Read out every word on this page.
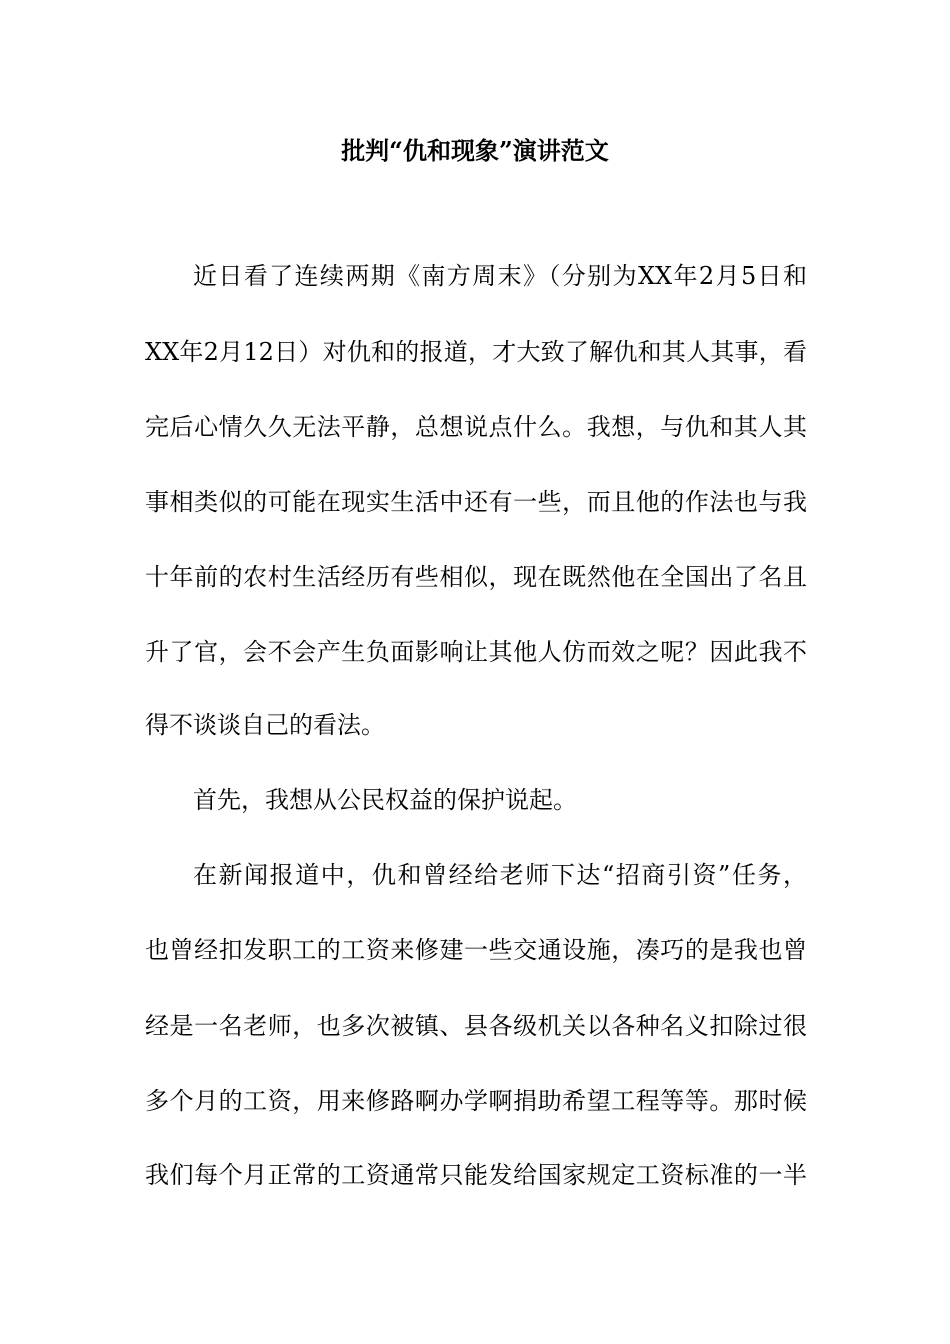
批判“仇和现象”演讲范文

近日看了连续两期《南方周末》（分别为XX年2月5日和

XX年2月12日）对仇和的报道，才大致了解仇和其人其事，看

完后心情久久无法平静，总想说点什么。我想，与仇和其人其

事相类似的可能在现实生活中还有一些，而且他的作法也与我

十年前的农村生活经历有些相似，现在既然他在全国出了名且

升了官，会不会产生负面影响让其他人仿而效之呢？因此我不

得不谈谈自己的看法。

首先，我想从公民权益的保护说起。

在新闻报道中，仇和曾经给老师下达“招商引资”任务，

也曾经扣发职工的工资来修建一些交通设施，凑巧的是我也曾

经是一名老师，也多次被镇、县各级机关以各种名义扣除过很

多个月的工资，用来修路啊办学啊捐助希望工程等等。那时候

我们每个月正常的工资通常只能发给国家规定工资标准的一半
